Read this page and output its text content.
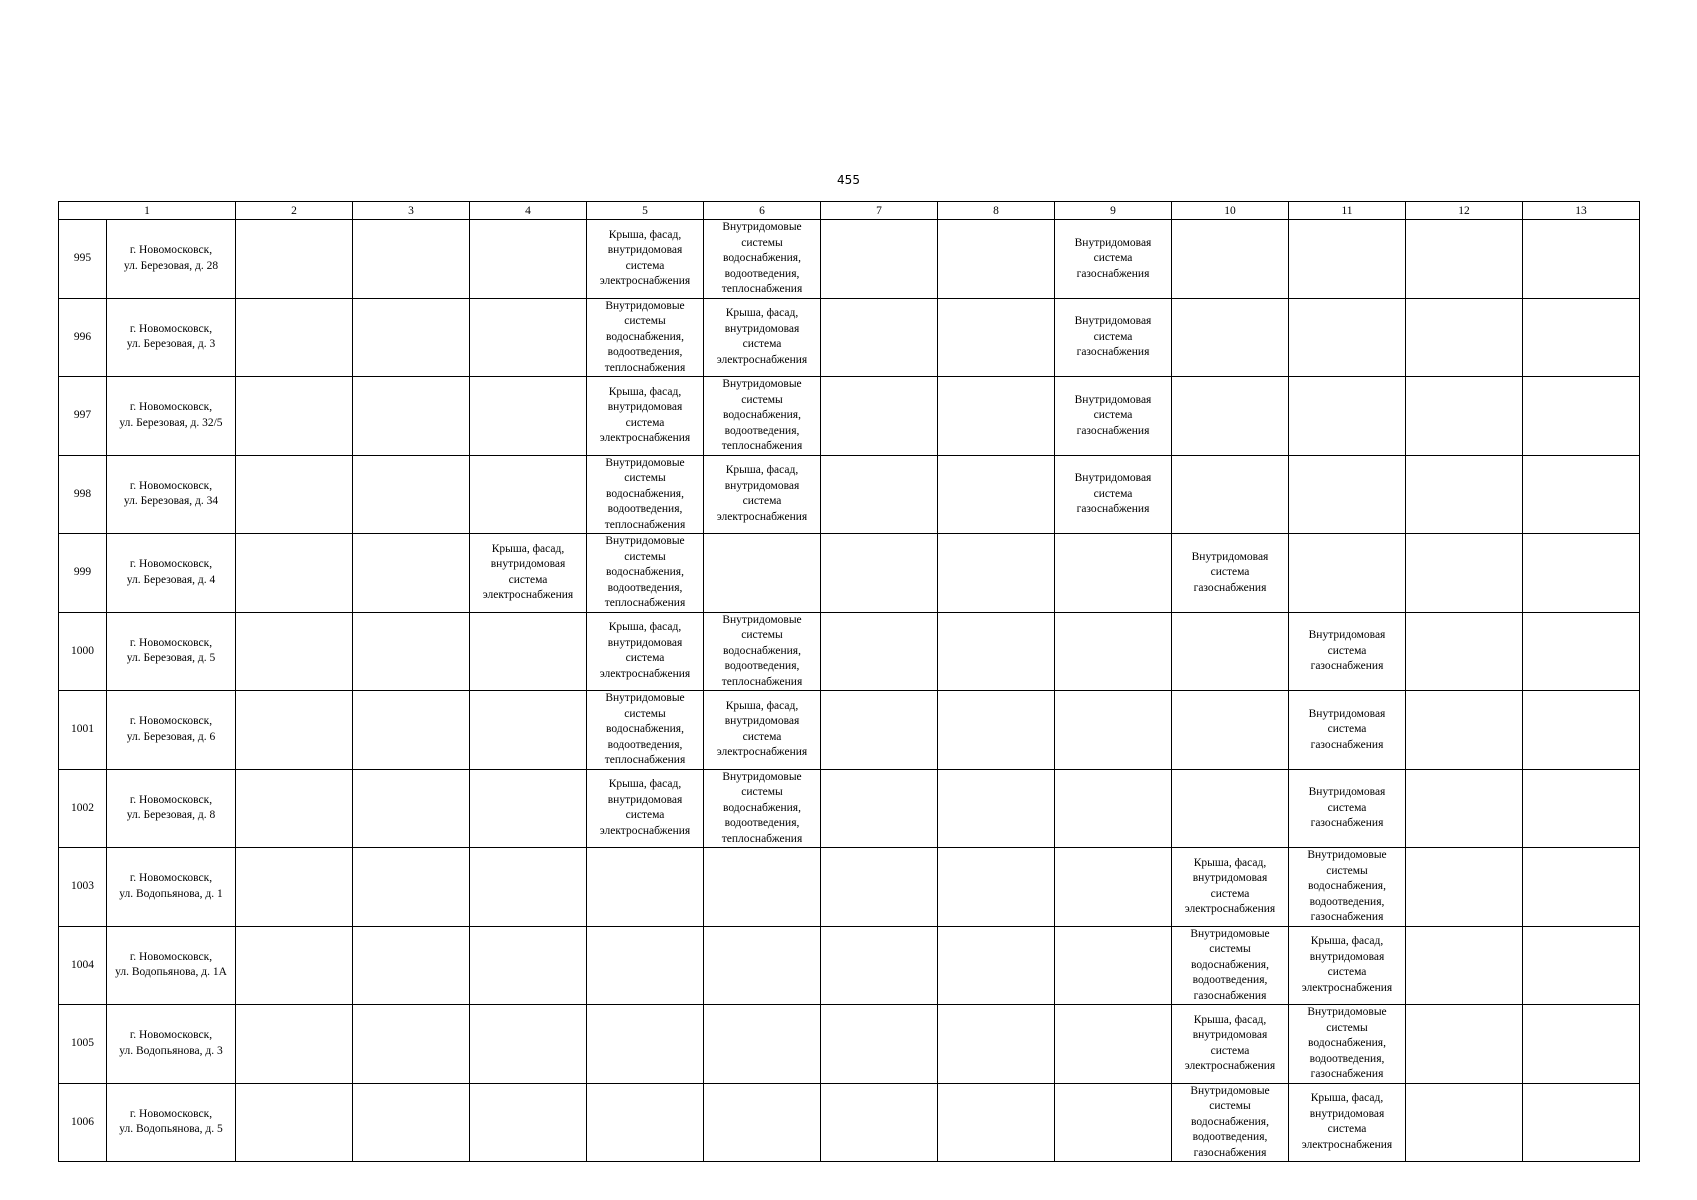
455
1		2	3	4	5	6	7	8	9	10	11	12	13
995	г. Новомосковск,
ул. Березовая, д. 28				Крыша, фасад,
внутридомовая
система
электроснабжения	Внутридомовые
системы
водоснабжения,
водоотведения,
теплоснабжения			Внутридомовая
система
газоснабжения				

996	г. Новомосковск,
ул. Березовая, д. 3				Внутридомовые
системы
водоснабжения,
водоотведения,
теплоснабжения	Крыша, фасад,
внутридомовая
система
электроснабжения			Внутридомовая
система
газоснабжения				

997	г. Новомосковск,
ул. Березовая, д. 32/5				Крыша, фасад,
внутридомовая
система
электроснабжения	Внутридомовые
системы
водоснабжения,
водоотведения,
теплоснабжения			Внутридомовая
система
газоснабжения				

998	г. Новомосковск,
ул. Березовая, д. 34				Внутридомовые
системы
водоснабжения,
водоотведения,
теплоснабжения	Крыша, фасад,
внутридомовая
система
электроснабжения			Внутридомовая
система
газоснабжения				

999	г. Новомосковск,
ул. Березовая, д. 4			Крыша, фасад,
внутридомовая
система
электроснабжения	Внутридомовые
системы
водоснабжения,
водоотведения,
теплоснабжения					Внутридомовая
система
газоснабжения			

1000	г. Новомосковск,
ул. Березовая, д. 5				Крыша, фасад,
внутридомовая
система
электроснабжения	Внутридомовые
системы
водоснабжения,
водоотведения,
теплоснабжения					Внутридомовая
система
газоснабжения		

1001	г. Новомосковск,
ул. Березовая, д. 6				Внутридомовые
системы
водоснабжения,
водоотведения,
теплоснабжения	Крыша, фасад,
внутридомовая
система
электроснабжения					Внутридомовая
система
газоснабжения		

1002	г. Новомосковск,
ул. Березовая, д. 8				Крыша, фасад,
внутридомовая
система
электроснабжения	Внутридомовые
системы
водоснабжения,
водоотведения,
теплоснабжения					Внутридомовая
система
газоснабжения		

1003	г. Новомосковск,
ул. Водопьянова, д. 1									Крыша, фасад,
внутридомовая
система
электроснабжения	Внутридомовые
системы
водоснабжения,
водоотведения,
газоснабжения		

1004	г. Новомосковск,
ул. Водопьянова, д. 1А									Внутридомовые
системы
водоснабжения,
водоотведения,
газоснабжения	Крыша, фасад,
внутридомовая
система
электроснабжения		

1005	г. Новомосковск,
ул. Водопьянова, д. 3									Крыша, фасад,
внутридомовая
система
электроснабжения	Внутридомовые
системы
водоснабжения,
водоотведения,
газоснабжения		

1006	г. Новомосковск,
ул. Водопьянова, д. 5									Внутридомовые
системы
водоснабжения,
водоотведения,
газоснабжения	Крыша, фасад,
внутридомовая
система
электроснабжения		
